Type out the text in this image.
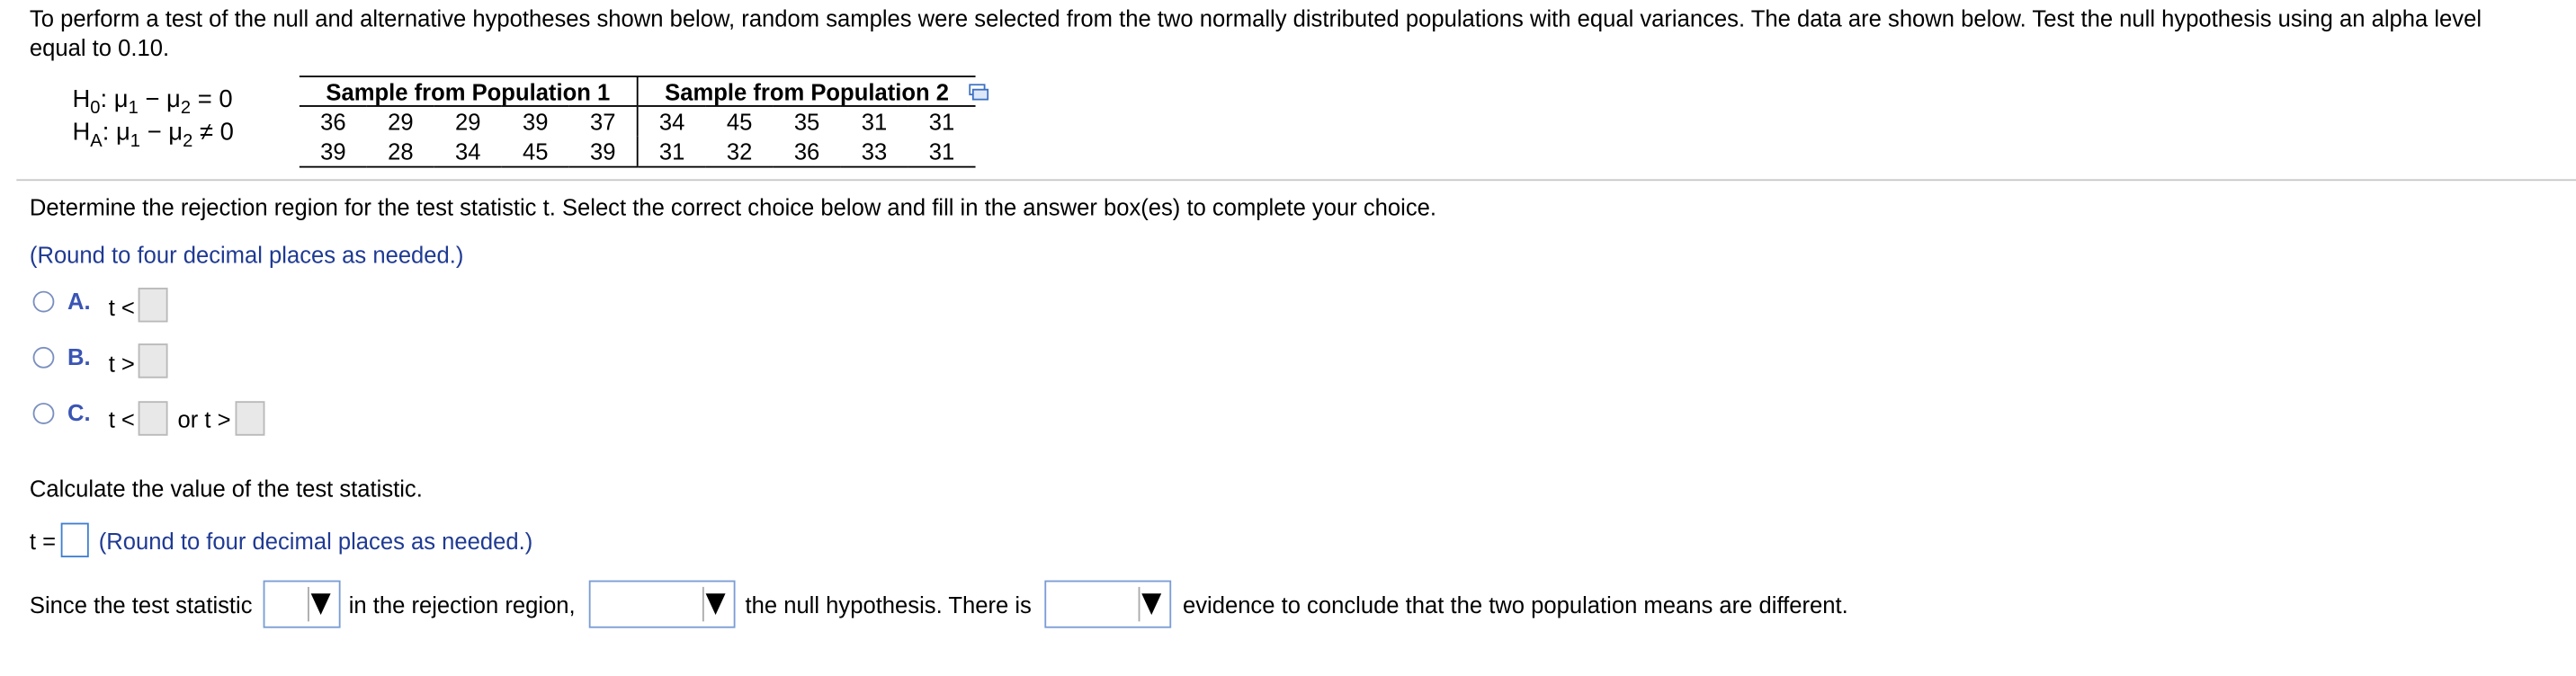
To perform a test of the null and alternative hypotheses shown below, random samples were selected from the two normally distributed populations with equal variances. The data are shown below. Test the null hypothesis using an alpha level
equal to 0.10.
$H_0$: $\mu_1 - \mu_2 = 0$
$H_A$: $\mu_1 - \mu_2 \ne 0$
Sample from Population 1					Sample from Population 2				
36	29	29	39	37	34	45	35	31	31
39	28	34	45	39	31	32	36	33	31
Determine the rejection region for the test statistic t. Select the correct choice below and fill in the answer box(es) to complete your choice.
(Round to four decimal places as needed.)
A. t <
B. t >
C. t <	or t >
Calculate the value of the test statistic.
t =	(Round to four decimal places as needed.)
Since the test statistic	in the rejection region,	the null hypothesis. There is	evidence to conclude that the two population means are different.
